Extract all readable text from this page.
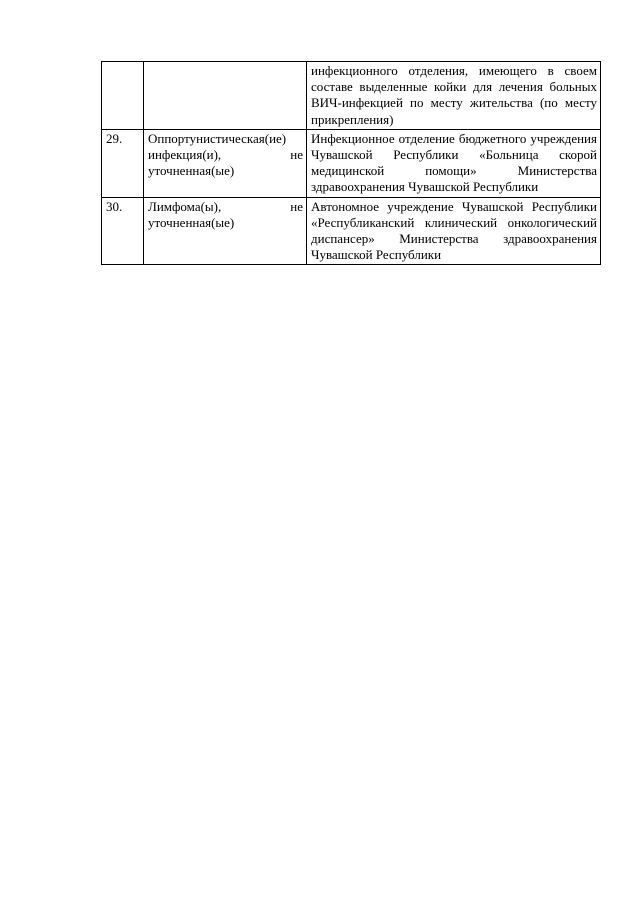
		инфекционного отделения, имеющего в своем составе выделенные койки для лечения больных ВИЧ-инфекцией по месту жительства (по месту прикрепления)
29.	Оппортунистическая(ие) инфекция(и), не уточненная(ые)	Инфекционное отделение бюджетного учреждения Чувашской Республики «Больница скорой медицинской помощи» Министерства здравоохранения Чувашской Республики
30.	Лимфома(ы), не уточненная(ые)	Автономное учреждение Чувашской Республики «Республиканский клинический онкологический диспансер» Министерства здравоохранения Чувашской Республики
